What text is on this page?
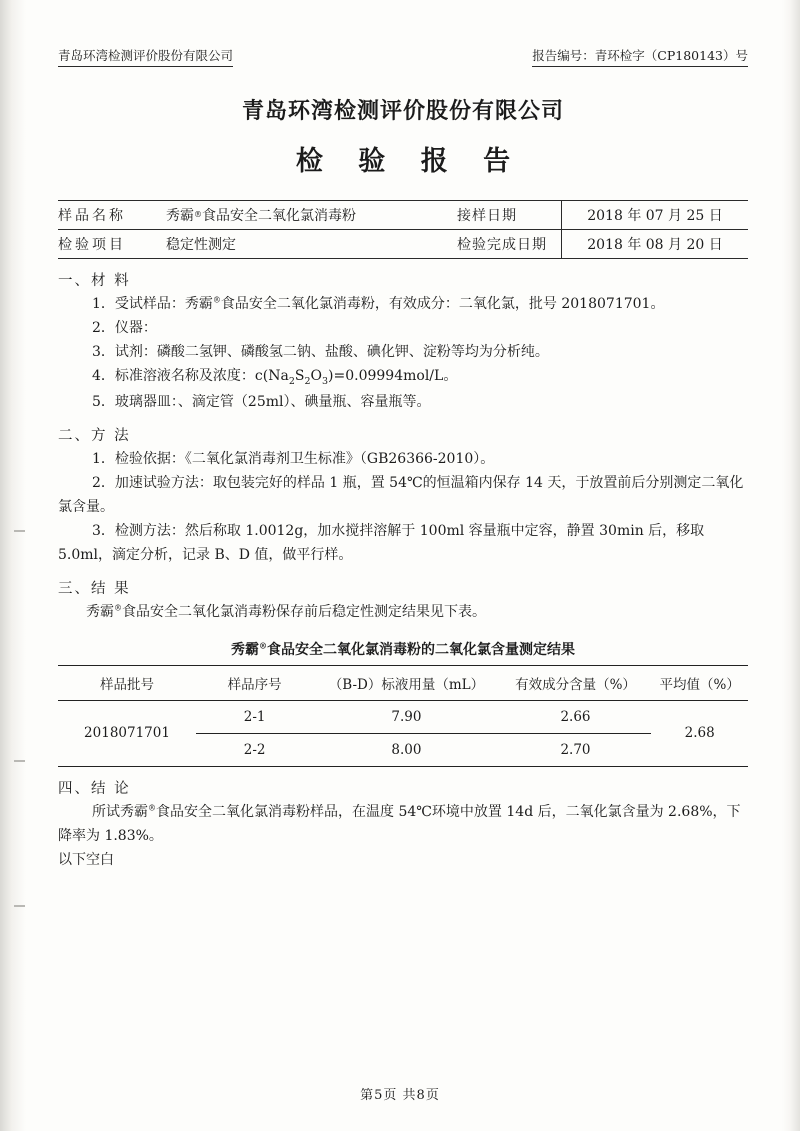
青岛环湾检测评价股份有限公司	报告编号：青环检字（CP180143）号
青岛环湾检测评价股份有限公司
检 验 报 告
样品名称	秀霸 ® 食品安全二氧化氯消毒粉	接样日期	2018 年 07 月 25 日
检验项目	稳定性测定	检验完成日期	2018 年 08 月 20 日
一、材 料
1．受试样品：秀霸®食品安全二氧化氯消毒粉，有效成分：二氧化氯，批号 2018071701。
2．仪器：
3．试剂：磷酸二氢钾、磷酸氢二钠、盐酸、碘化钾、淀粉等均为分析纯。
4．标准溶液名称及浓度：$c(Na_2S_2O_3)=0.09994mol/L$。
5．玻璃器皿：、滴定管（25ml）、碘量瓶、容量瓶等。
二、方 法
1．检验依据：《二氧化氯消毒剂卫生标准》（GB26366-2010）。
2．加速试验方法：取包装完好的样品 1 瓶，置 54℃的恒温箱内保存 14 天，于放置前后分别测定二氧化氯含量。
3．检测方法：然后称取 1.0012g，加水搅拌溶解于 100ml 容量瓶中定容，静置 30min 后，移取 5.0ml，滴定分析，记录 B、D 值，做平行样。
三、结 果
秀霸®食品安全二氧化氯消毒粉保存前后稳定性测定结果见下表。
秀霸®食品安全二氧化氯消毒粉的二氧化氯含量测定结果
样品批号	样品序号	（B-D）标液用量（mL）	有效成分含量（%）	平均值（%）
2018071701	2-1	7.90	2.66	2.68
	2-2	8.00	2.70	
四、结 论
所试秀霸®食品安全二氧化氯消毒粉样品，在温度 54℃环境中放置 14d 后，二氧化氯含量为 2.68%，下降率为 1.83%。
以下空白
第5页 共8页
